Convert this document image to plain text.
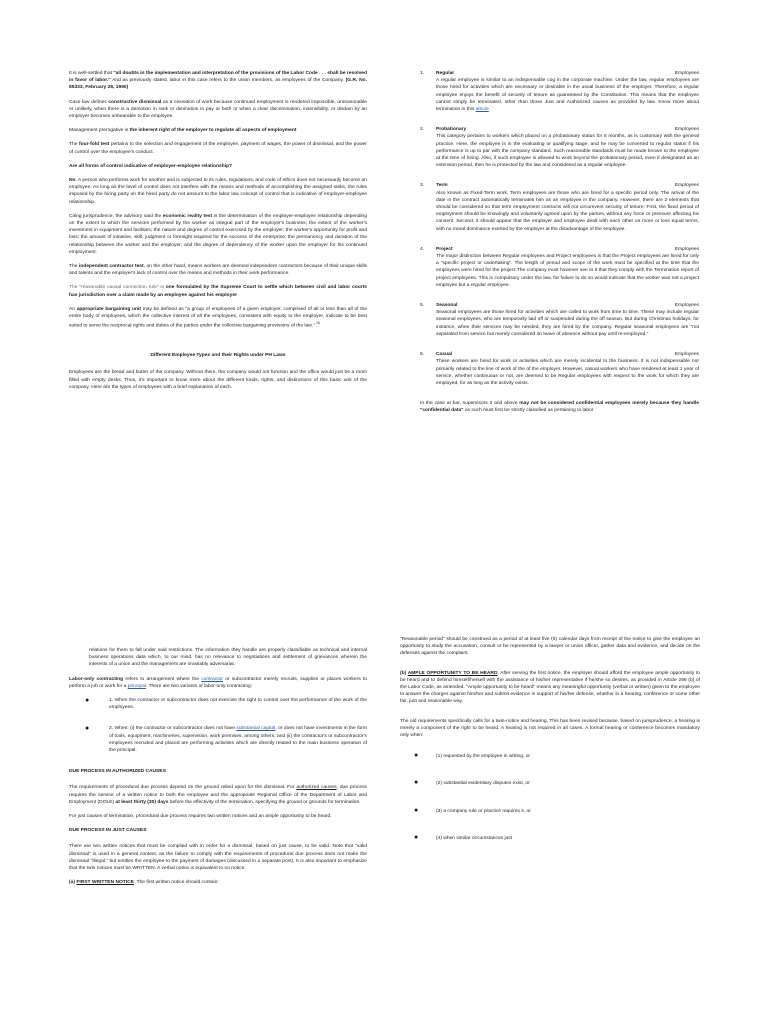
It is well-settled that "all doubts in the implementation and interpretation of the provisions of the Labor Code . . . shall be resolved in favor of labor." And as previously stated, labor in this case refers to the union members, as employees of the Company. (G.R. No. 85333, February 26, 1990)

Case law defines constructive dismissal as a cessation of work because continued employment is rendered impossible, unreasonable or unlikely, when there is a demotion in rank or diminution in pay or both or when a clear discrimination, insensibility, or disdain by an employer becomes unbearable to the employee.

Management prerogative is the inherent right of the employer to regulate all aspects of employment

The four-fold test pertains to the selection and engagement of the employee, payment of wages, the power of dismissal, and the power of control over the employee's conduct.

Are all forms of control indicative of employer-employee relationship?

No. A person who performs work for another and is subjected to its rules, regulations, and code of ethics does not necessarily become an employee. As long as the level of control does not interfere with the means and methods of accomplishing the assigned tasks, the rules imposed by the hiring party on the hired party do not amount to the labor law concept of control that is indicative of employer-employee relationship.

Citing jurisprudence, the advisory said the economic reality test is the determination of the employer-employee relationship depending on the extent to which the services performed by the worker as integral part of the employer's business; the extent of the worker's investment in equipment and facilities; the nature and degree of control exercised by the employer; the worker's opportunity for profit and loss; the amount of initiative, skill, judgment or foresight required for the success of the enterprise; the permanency and duration of the relationship between the worker and the employer; and the degree of dependency of the worker upon the employer for his continued employment.

The independent contractor test, on the other hand, means workers are deemed independent contractors because of their unique skills and talents and the employer's lack of control over the means and methods in their work performance.

The "reasonable causal connection rule" is one formulated by the Supreme Court to settle which between civil and labor courts has jurisdiction over a claim made by an employee against his employer

An appropriate bargaining unit may be defined as "a group of employees of a given employer, comprised of all or less than all of the entire body of employees, which the collective interest of all the employees, consistent with equity to the employer, indicate to be best suited to serve the reciprocal rights and duties of the parties under the collective bargaining provisions of the law." $^{16}$

Different Employee Types and their Rights under PH Laws

Employees are the bread and butter of the company. Without them, the company would not function and the office would just be a room filled with empty desks. Thus, it's important to know more about the different kinds, rights, and distinctions of this basic unit of the company. Here are the types of employees with a brief explanation of each.

1. Regular	Employees

A regular employee is similar to an indispensable cog in the corporate machine. Under the law, regular employees are those hired for activities which are necessary or desirable in the usual business of the employer. Therefore, a regular employee enjoys the benefit of security of tenure as guaranteed by the Constitution. This means that the employee cannot simply be terminated, other than those Just and Authorized causes as provided by law. Know more about termination in this article.

2. Probationary	Employees

This category pertains to workers which placed on a probationary status for 6 months, as is customary with the general practice. Here, the employee is in the evaluating or qualifying stage, and he may be converted to regular status if his performance is up to par with the company standard. Such reasonable standards must be made known to the employee at the time of hiring. Also, if such employee is allowed to work beyond the probationary period, even if designated as an extension period, then he is protected by the law and considered as a regular employee.

3. Term	Employees

Also known as Fixed-Term work, Term employees are those who are hired for a specific period only. The arrival of the date in the contract automatically terminates him as an employee in the company. However, there are 2 elements that should be considered so that term employment contracts will not circumvent security of tenure: First, the fixed period of employment should be knowingly and voluntarily agreed upon by the parties, without any force or pressure affecting his consent. Second, it should appear that the employer and employee dealt with each other on more or less equal terms, with no moral dominance exerted by the employer at the disadvantage of the employee.

4. Project	Employees

The major distinction between Regular employees and Project employees is that the Project employees are hired for only a "specific project or undertaking". The length of period and scope of the work must be specified at the time that the employees were hired for the project.The company must however see to it that they comply with the Termination report of project employees. This is compulsory under the law, for failure to do so would indicate that the worker was not a project employee but a regular employee.

5. Seasonal	Employees

Seasonal employees are those hired for activities which are called to work from time to time. These may include regular seasonal employees, who are temporarily laid off or suspended during the off season. But during Christmas holidays, for instance, when their services may be needed, they are hired by the company. Regular seasonal employees are "not separated from service but merely considered on leave of absence without pay until re-employed."

6. Casual	Employees

These workers are hired for work or activities which are merely incidental to the business. It is not indispensable nor primarily related to the line of work of the of the employer. However, casual workers who have rendered at least 1 year of service, whether continuous or not, are deemed to be Regular employees with respect to the work for which they are employed, for as long as the activity exists.

In the case at bar, supervisors 3 and above may not be considered confidential employees merely because they handle "confidential data" as such must first be strictly classified as pertaining to labor

relations for them to fall under said restrictions. The information they handle are properly classifiable as technical and internal business operations data which, to our mind, has no relevance to negotiations and settlement of grievances wherein the interests of a union and the management are invariably adversarial.

Labor-only contracting refers to arrangement where the contractor or subcontractor merely recruits, supplies or places workers to perform a job or work for a principal. There are two variants of labor-only contracting:

●	1. When the contractor or subcontractor does not exercise the right to control over the performance of the work of the employees.

●	2. When: (i) the contractor or subcontractor does not have substantial capital, or does not have investments in the form of tools, equipment, machineries, supervision, work premises, among others; and (ii) the contractor's or subcontractor's employees recruited and placed are performing activities which are directly related to the main business operation of the principal.

DUE PROCESS IN AUTHORIZED CAUSES

The requirements of procedural due process depend on the ground relied upon for the dismissal. For authorized causes, due process requires the service of a written notice to both the employee and the appropriate Regional Office of the Department of Labor and Employment (DOLE) at least thirty (30) days before the effectivity of the termination, specifying the ground or grounds for termination.

For just causes of termination, procedural due process requires two written notices and an ample opportunity to be heard.

DUE PROCESS IN JUST CAUSES

There are two written notices that must be complied with in order for a dismissal, based on just cause, to be valid. Note that "valid dismissal" is used in a general context, as the failure to comply with the requirements of procedural due process does not make the dismissal "illegal," but entitles the employee to the payment of damages (discussed in a separate post). It is also important to emphasize that the twin notices must be WRITTEN. A verbal notice is equivalent to no notice.

(a) FIRST WRITTEN NOTICE. The first written notice should contain:

"Reasonable period" should be construed as a period of at least five (5) calendar days from receipt of the notice to give the employee an opportunity to study the accusation, consult or be represented by a lawyer or union officer, gather data and evidence, and decide on the defenses against the complaint.

(b) AMPLE OPPORTUNITY TO BE HEARD. After serving the first notice, the employer should afford the employee ample opportunity to be heard and to defend himself/herself with the assistance of his/her representative if he/she so desires, as provided in Article 299 (b) of the Labor Code, as amended. "Ample opportunity to be heard" means any meaningful opportunity (verbal or written) given to the employee to answer the charges against him/her and submit evidence in support of his/her defense, whether in a hearing, conference or some other fair, just and reasonable way.

The old requirements specifically calls for a twin-notice and hearing. This has been revised because, based on jurisprudence, a hearing is merely a component of the right to be heard. A hearing is not required in all cases. A formal hearing or conference becomes mandatory only when:

●	(1) requested by the employee in writing, or
●	(2) substantial evidentiary disputes exist, or
●	(3) a company rule or practice requires it, or
●	(4) when similar circumstances just
